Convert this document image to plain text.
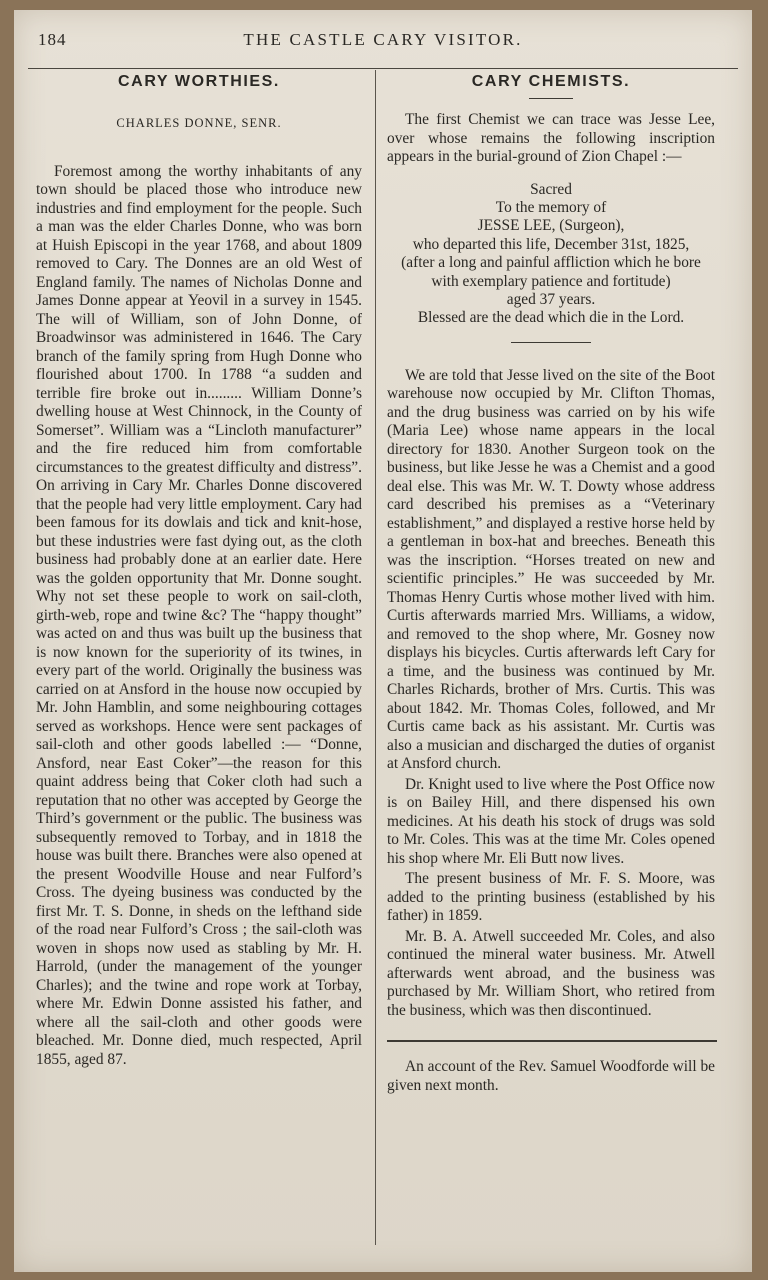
184	THE CASTLE CARY VISITOR.
CARY WORTHIES.
CHARLES DONNE, SENR.

Foremost among the worthy inhabitants of any town should be placed those who introduce new industries and find employment for the people. Such a man was the elder Charles Donne, who was born at Huish Episcopi in the year 1768, and about 1809 removed to Cary. The Donnes are an old West of England family. The names of Nicholas Donne and James Donne appear at Yeovil in a survey in 1545. The will of William, son of John Donne, of Broadwinsor was administered in 1646. The Cary branch of the family spring from Hugh Donne who flourished about 1700. In 1788 “a sudden and terrible fire broke out in......... William Donne’s dwelling house at West Chinnock, in the County of Somerset”. William was a “Lincloth manufacturer” and the fire reduced him from comfortable circumstances to the greatest difficulty and distress”. On arriving in Cary Mr. Charles Donne discovered that the people had very little employment. Cary had been famous for its dowlais and tick and knit-hose, but these industries were fast dying out, as the cloth business had probably done at an earlier date. Here was the golden opportunity that Mr. Donne sought. Why not set these people to work on sail-cloth, girth-web, rope and twine &c? The “happy thought” was acted on and thus was built up the business that is now known for the superiority of its twines, in every part of the world. Originally the business was carried on at Ansford in the house now occupied by Mr. John Hamblin, and some neighbouring cottages served as workshops. Hence were sent packages of sail-cloth and other goods labelled :— “Donne, Ansford, near East Coker”—the reason for this quaint address being that Coker cloth had such a reputation that no other was accepted by George the Third’s government or the public. The business was subsequently removed to Torbay, and in 1818 the house was built there. Branches were also opened at the present Woodville House and near Fulford’s Cross. The dyeing business was conducted by the first Mr. T. S. Donne, in sheds on the lefthand side of the road near Fulford’s Cross ; the sail-cloth was woven in shops now used as stabling by Mr. H. Harrold, (under the management of the younger Charles); and the twine and rope work at Torbay, where Mr. Edwin Donne assisted his father, and where all the sail-cloth and other goods were bleached. Mr. Donne died, much respected, April 1855, aged 87.

CARY CHEMISTS.

The first Chemist we can trace was Jesse Lee, over whose remains the following inscription appears in the burial-ground of Zion Chapel :—

Sacred
To the memory of
JESSE LEE, (Surgeon),
who departed this life, December 31st, 1825,
(after a long and painful affliction which he bore with exemplary patience and fortitude)
aged 37 years.
Blessed are the dead which die in the Lord.

We are told that Jesse lived on the site of the Boot warehouse now occupied by Mr. Clifton Thomas, and the drug business was carried on by his wife (Maria Lee) whose name appears in the local directory for 1830. Another Surgeon took on the business, but like Jesse he was a Chemist and a good deal else. This was Mr. W. T. Dowty whose address card described his premises as a “Veterinary establishment,” and displayed a restive horse held by a gentleman in box-hat and breeches. Beneath this was the inscription. “Horses treated on new and scientific principles.” He was succeeded by Mr. Thomas Henry Curtis whose mother lived with him. Curtis afterwards married Mrs. Williams, a widow, and removed to the shop where, Mr. Gosney now displays his bicycles. Curtis afterwards left Cary for a time, and the business was continued by Mr. Charles Richards, brother of Mrs. Curtis. This was about 1842. Mr. Thomas Coles, followed, and Mr Curtis came back as his assistant. Mr. Curtis was also a musician and discharged the duties of organist at Ansford church.

Dr. Knight used to live where the Post Office now is on Bailey Hill, and there dispensed his own medicines. At his death his stock of drugs was sold to Mr. Coles. This was at the time Mr. Coles opened his shop where Mr. Eli Butt now lives.

The present business of Mr. F. S. Moore, was added to the printing business (established by his father) in 1859.

Mr. B. A. Atwell succeeded Mr. Coles, and also continued the mineral water business. Mr. Atwell afterwards went abroad, and the business was purchased by Mr. William Short, who retired from the business, which was then discontinued.

An account of the Rev. Samuel Woodforde will be given next month.
